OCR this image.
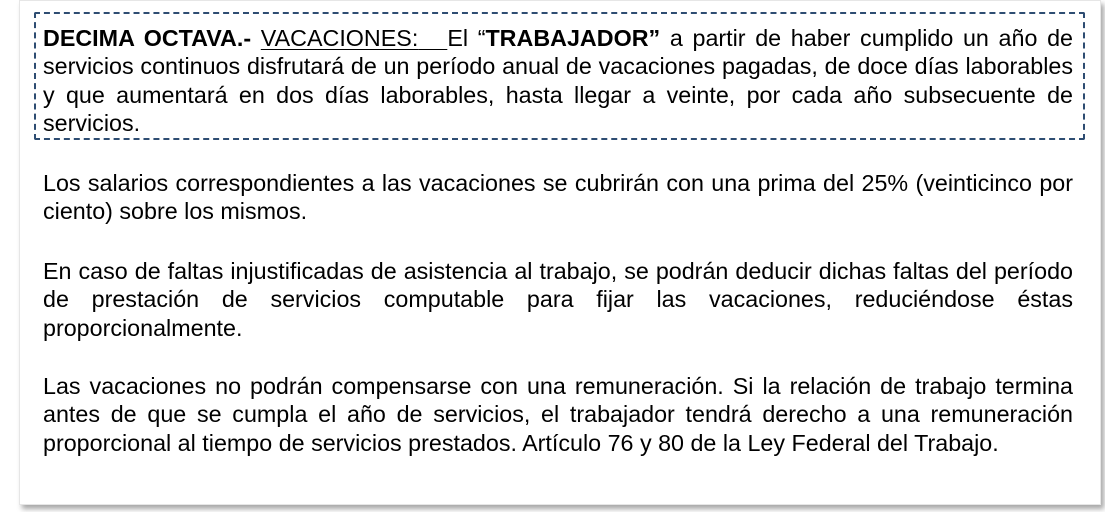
DECIMA OCTAVA.- VACACIONES: El “TRABAJADOR” a partir de haber cumplido un año de servicios continuos disfrutará de un período anual de vacaciones pagadas, de doce días laborables y que aumentará en dos días laborables, hasta llegar a veinte, por cada año subsecuente de servicios.
Los salarios correspondientes a las vacaciones se cubrirán con una prima del 25% (veinticinco por ciento) sobre los mismos.
En caso de faltas injustificadas de asistencia al trabajo, se podrán deducir dichas faltas del período de prestación de servicios computable para fijar las vacaciones, reduciéndose éstas proporcionalmente.
Las vacaciones no podrán compensarse con una remuneración. Si la relación de trabajo termina antes de que se cumpla el año de servicios, el trabajador tendrá derecho a una remuneración proporcional al tiempo de servicios prestados. Artículo 76 y 80 de la Ley Federal del Trabajo.
